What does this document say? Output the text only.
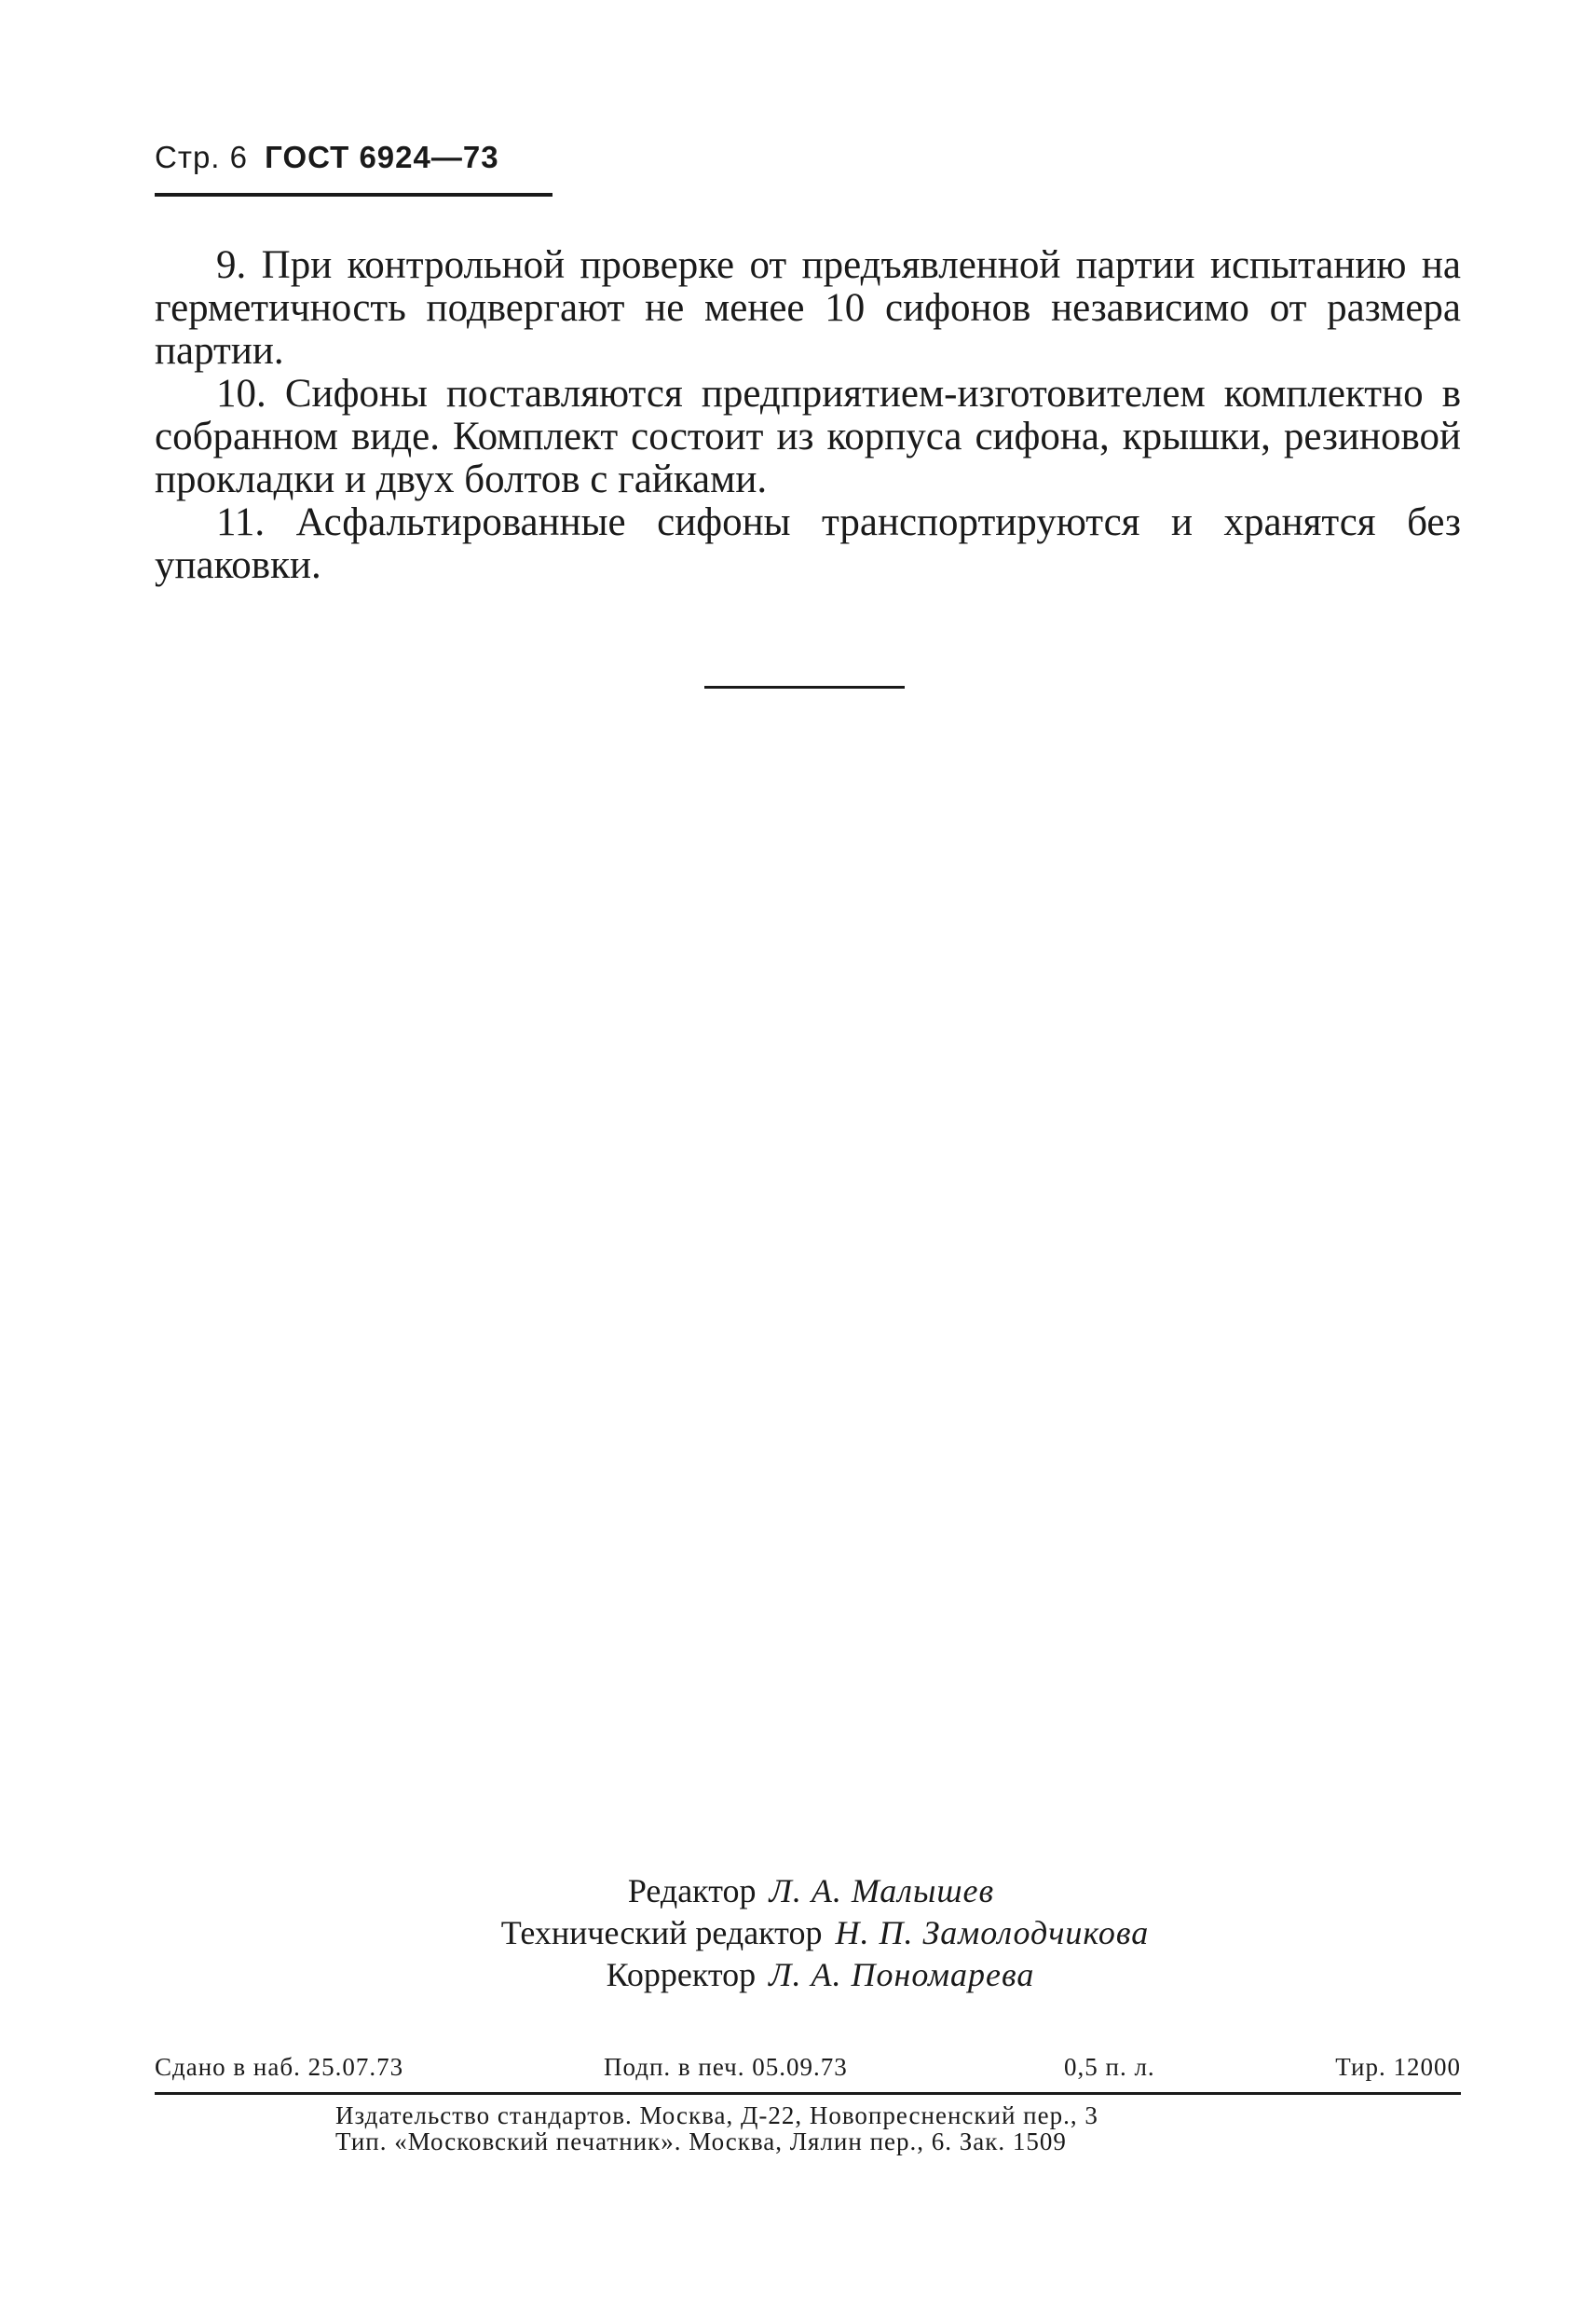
Стр. 6 ГОСТ 6924—73

9. При контрольной проверке от предъявленной партии испытанию на герметичность подвергают не менее 10 сифонов независимо от размера партии.

10. Сифоны поставляются предприятием-изготовителем комплектно в собранном виде. Комплект состоит из корпуса сифона, крышки, резиновой прокладки и двух болтов с гайками.

11. Асфальтированные сифоны транспортируются и хранятся без упаковки.

Редактор Л. А. Малышев
Технический редактор Н. П. Замолодчикова
Корректор Л. А. Пономарева
Сдано в наб. 25.07.73	Подп. в печ. 05.09.73	0,5 п. л.	Тир. 12000
Издательство стандартов. Москва, Д-22, Новопресненский пер., 3
Тип. «Московский печатник». Москва, Лялин пер., 6. Зак. 1509
